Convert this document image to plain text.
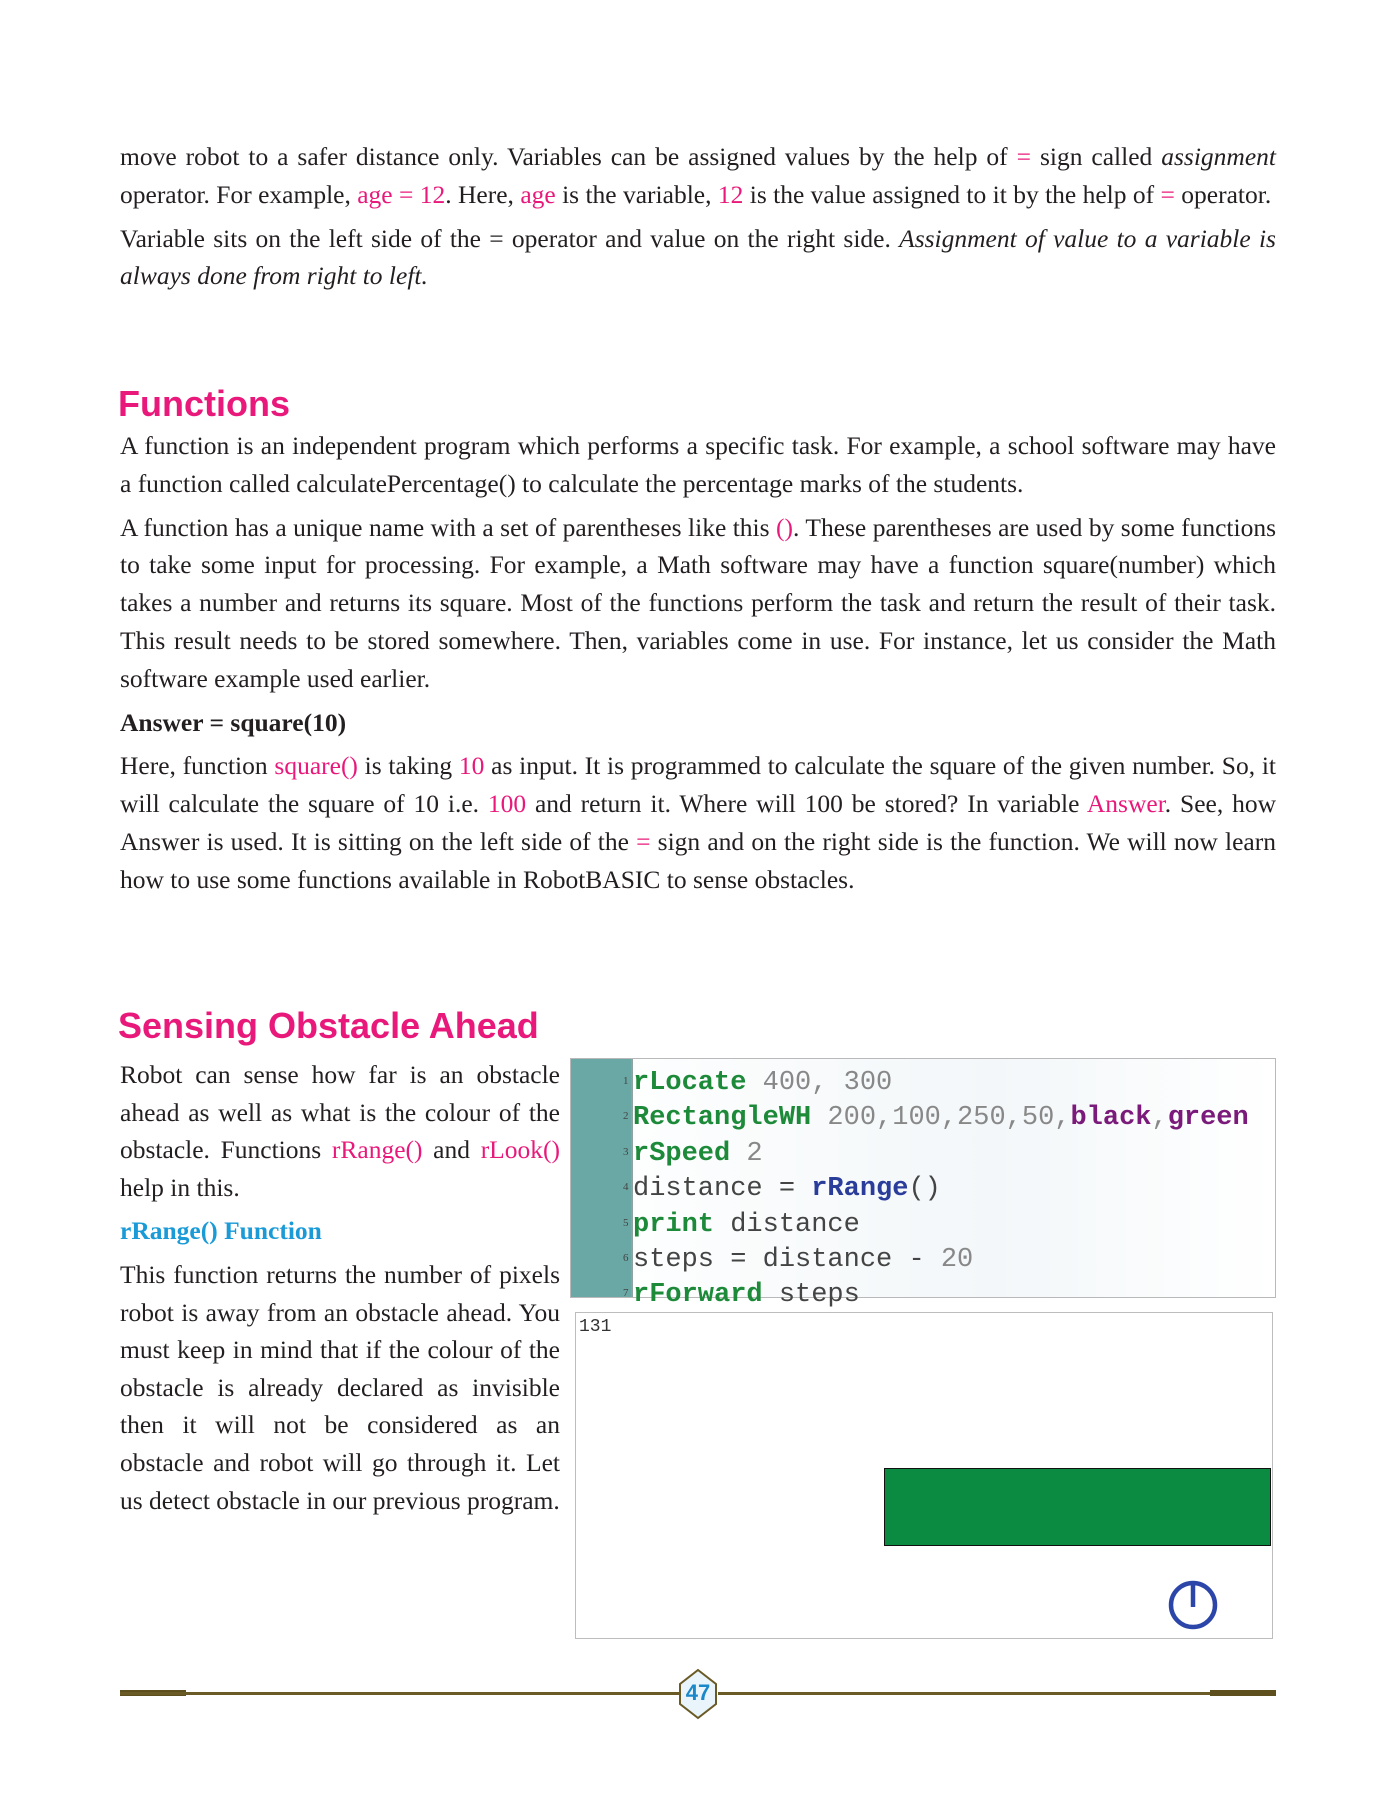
move robot to a safer distance only. Variables can be assigned values by the help of = sign called assignment operator. For example, age = 12. Here, age is the variable, 12 is the value assigned to it by the help of = operator.

Variable sits on the left side of the = operator and value on the right side. Assignment of value to a variable is always done from right to left.

Functions

A function is an independent program which performs a specific task. For example, a school software may have a function called calculatePercentage() to calculate the percentage marks of the students.

A function has a unique name with a set of parentheses like this (). These parentheses are used by some functions to take some input for processing. For example, a Math software may have a function square(number) which takes a number and returns its square. Most of the functions perform the task and return the result of their task. This result needs to be stored somewhere. Then, variables come in use. For instance, let us consider the Math software example used earlier.

Answer = square(10)

Here, function square() is taking 10 as input. It is programmed to calculate the square of the given number. So, it will calculate the square of 10 i.e. 100 and return it. Where will 100 be stored? In variable Answer. See, how Answer is used. It is sitting on the left side of the = sign and on the right side is the function. We will now learn how to use some functions available in RobotBASIC to sense obstacles.

Sensing Obstacle Ahead

Robot can sense how far is an obstacle ahead as well as what is the colour of the obstacle. Functions rRange() and rLook() help in this.

rRange() Function

This function returns the number of pixels robot is away from an obstacle ahead. You must keep in mind that if the colour of the obstacle is already declared as invisible then it will not be considered as an obstacle and robot will go through it. Let us detect obstacle in our previous program.

1 rLocate 400, 300
2 RectangleWH 200,100,250,50,black,green
3 rSpeed 2
4 distance = rRange()
5 print distance
6 steps = distance - 20
7 rForward steps
131
47
